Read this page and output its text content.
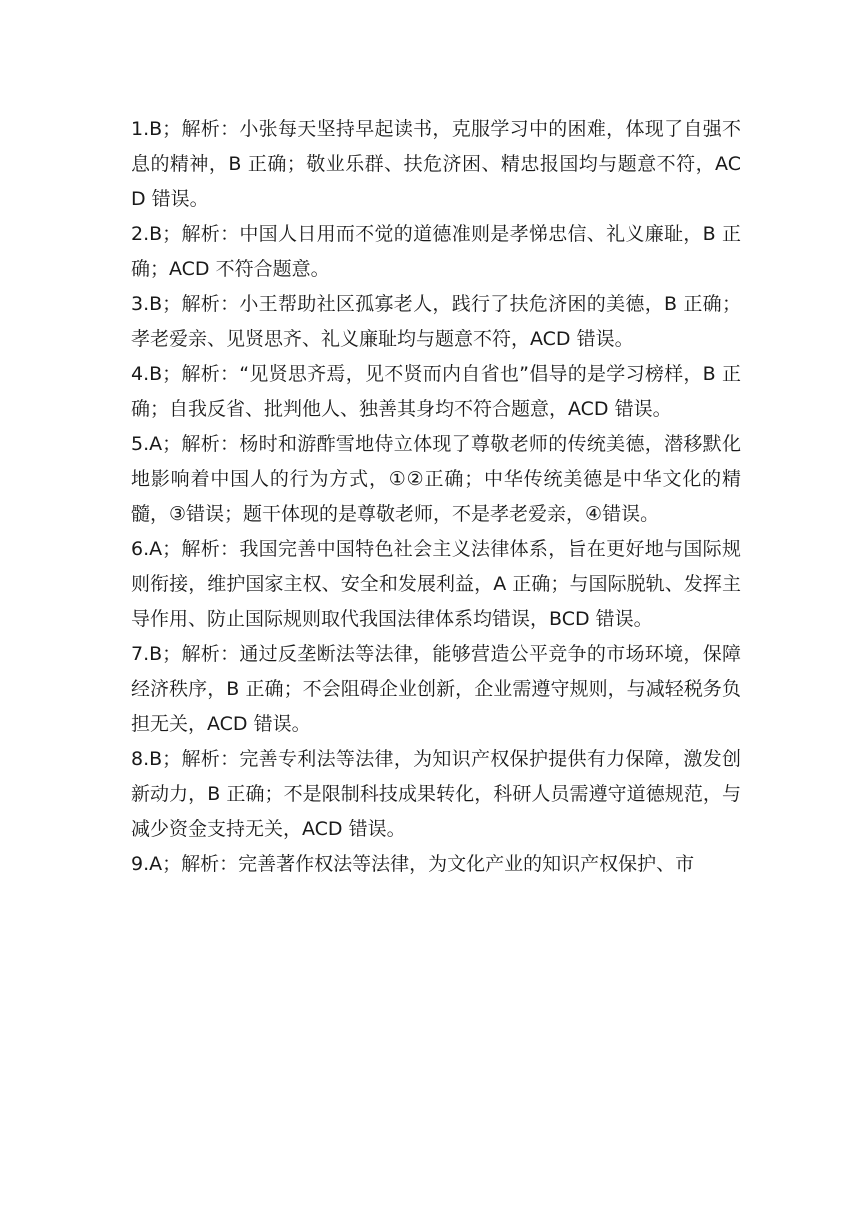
1.B；解析：小张每天坚持早起读书，克服学习中的困难，体现了自强不息的精神，B 正确；敬业乐群、扶危济困、精忠报国均与题意不符，ACD 错误。

2.B；解析：中国人日用而不觉的道德准则是孝悌忠信、礼义廉耻，B 正确；ACD 不符合题意。

3.B；解析：小王帮助社区孤寡老人，践行了扶危济困的美德，B 正确；孝老爱亲、见贤思齐、礼义廉耻均与题意不符，ACD 错误。

4.B；解析：“见贤思齐焉，见不贤而内自省也”倡导的是学习榜样，B 正确；自我反省、批判他人、独善其身均不符合题意，ACD 错误。

5.A；解析：杨时和游酢雪地侍立体现了尊敬老师的传统美德，潜移默化地影响着中国人的行为方式，①②正确；中华传统美德是中华文化的精髓，③错误；题干体现的是尊敬老师，不是孝老爱亲，④错误。

6.A；解析：我国完善中国特色社会主义法律体系，旨在更好地与国际规则衔接，维护国家主权、安全和发展利益，A 正确；与国际脱轨、发挥主导作用、防止国际规则取代我国法律体系均错误，BCD 错误。

7.B；解析：通过反垄断法等法律，能够营造公平竞争的市场环境，保障经济秩序，B 正确；不会阻碍企业创新，企业需遵守规则，与减轻税务负担无关，ACD 错误。

8.B；解析：完善专利法等法律，为知识产权保护提供有力保障，激发创新动力，B 正确；不是限制科技成果转化，科研人员需遵守道德规范，与减少资金支持无关，ACD 错误。

9.A；解析：完善著作权法等法律，为文化产业的知识产权保护、市
